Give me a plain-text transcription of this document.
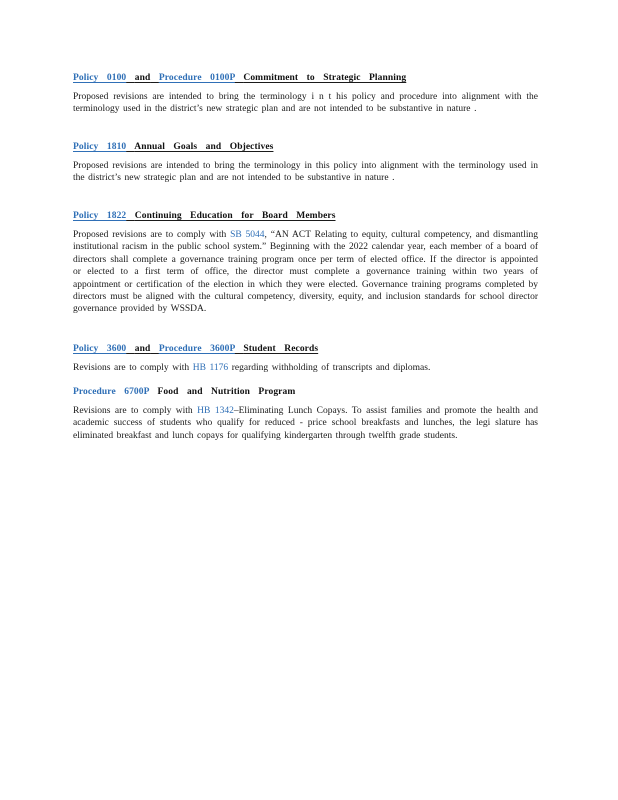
Policy 0100 and Procedure 0100P Commitment to Strategic Planning
Proposed revisions are intended to bring the terminology i n t his policy and procedure into alignment with the terminology used in the district’s new strategic plan and are not intended to be substantive in nature .
Policy 1810 Annual Goals and Objectives
Proposed revisions are intended to bring the terminology in this policy into alignment with the terminology used in the district’s new strategic plan and are not intended to be substantive in nature .
Policy 1822 Continuing Education for Board Members
Proposed revisions are to comply with SB 5044, “AN ACT Relating to equity, cultural competency, and dismantling institutional racism in the public school system.” Beginning with the 2022 calendar year, each member of a board of directors shall complete a governance training program once per term of elected office. If the director is appointed or elected to a first term of office, the director must complete a governance training within two years of appointment or certification of the election in which they were elected. Governance training programs completed by directors must be aligned with the cultural competency, diversity, equity, and inclusion standards for school director governance provided by WSSDA.
Policy 3600 and Procedure 3600P Student Records
Revisions are to comply with HB 1176 regarding withholding of transcripts and diplomas.
Procedure 6700P Food and Nutrition Program
Revisions are to comply with HB 1342–Eliminating Lunch Copays. To assist families and promote the health and academic success of students who qualify for reduced - price school breakfasts and lunches, the legi slature has eliminated breakfast and lunch copays for qualifying kindergarten through twelfth grade students.
